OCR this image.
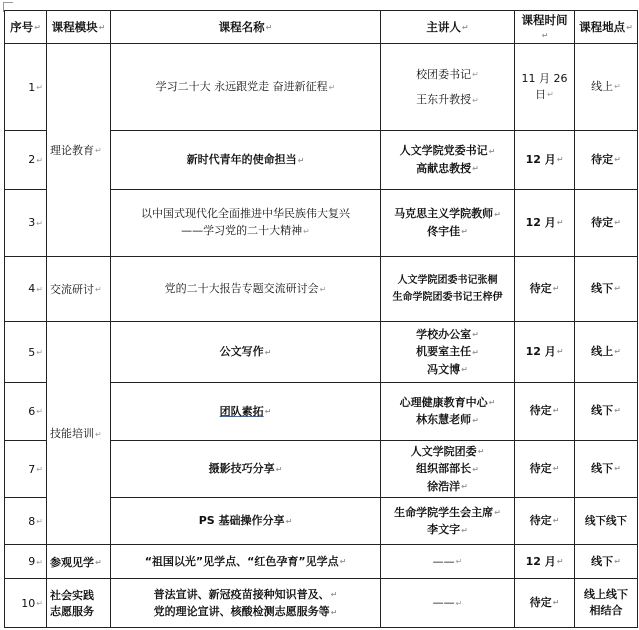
序号↵	课程模块↵	课程名称↵	主讲人↵	课程时间↵	课程地点↵
1↵	理论教育↵	学习二十大 永远跟党走 奋进新征程↵	校团委书记↵
王东升教授↵	11 月 26
日↵	线上↵
2↵		新时代青年的使命担当↵	人文学院党委书记↵
高献忠教授↵	12 月↵	待定↵
3↵		以中国式现代化全面推进中华民族伟大复兴
——学习党的二十大精神↵	马克思主义学院教师↵
佟宇佳↵	12 月↵	待定↵
4↵	交流研讨↵	党的二十大报告专题交流研讨会↵	人文学院团委书记张桐
生命学院团委书记王梓伊	待定↵	线下↵
5↵	技能培训↵	公文写作↵	学校办公室↵
机要室主任↵
冯文博↵	12 月↵	线上↵
6↵		团队素拓↵	心理健康教育中心↵
林东慧老师↵	待定↵	线下↵
7↵		摄影技巧分享↵	人文学院团委↵
组织部部长↵
徐浩洋↵	待定↵	线下↵
8↵		PS 基础操作分享↵	生命学院学生会主席↵
李文字↵	待定↵	线下线下
9↵	参观见学↵	“祖国以光”见学点、“红色孕育”见学点↵	——↵	12 月↵	线下↵
10↵	社会实践
志愿服务	普法宣讲、新冠疫苗接种知识普及、↵
党的理论宣讲、核酸检测志愿服务等↵	——↵	待定↵	线上线下相结合
